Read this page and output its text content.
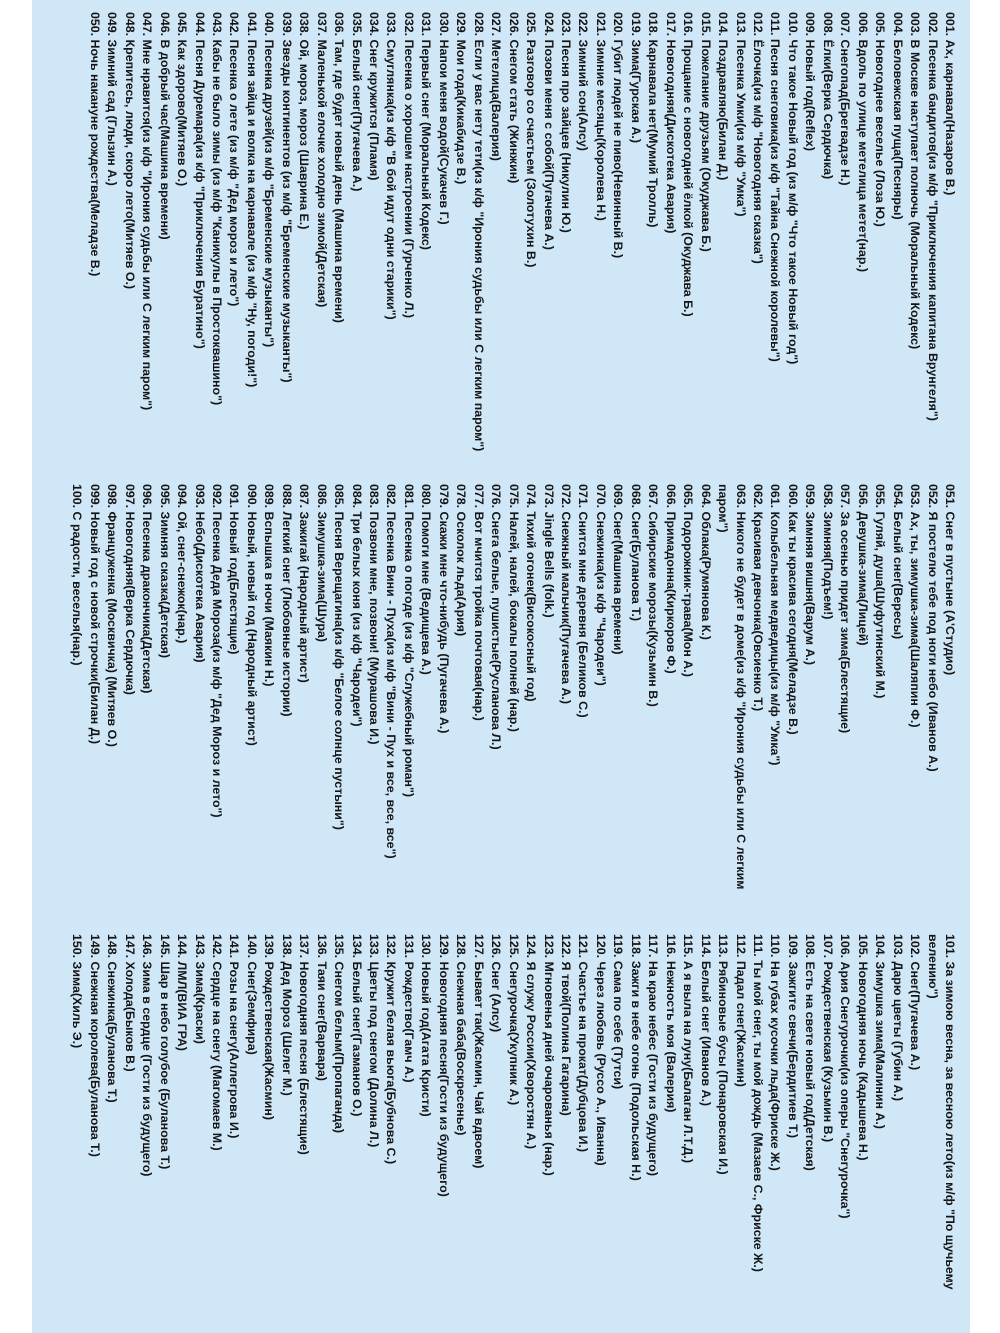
001. Ах, карнавал(Назаров В.)
002. Песенка бандитов(из м/ф "Приключения капитана Врунгеля")
003. В Москве наступает полночь (Моральный Кодекс)
004. Беловежская пуща(Песняры)
005. Новогоднее веселье (Лоза Ю.)
006. Вдоль по улице метелица метет(нар.)
007. Снегопад(Брегвадзе Н.)
008. Ёлки(Верка Сердючка)
009. Новый год(Reflex)
010. Что такое Новый год (из м/ф "Что такое Новый год")
011. Песня снеговика(из к/ф "Тайна Снежной королевы")
012. Ёлочка(из м/ф "Новогодняя сказка")
013. Песенка Умки(из м/ф "Умка")
014. Поздравляю(Билан Д.)
015. Пожелание друзьям (Окуджава Б.)
016. Прощание с новогодней ёлкой (Окуджава Б.)
017. Новогодняя(Дискотека Авария)
018. Карнавала нет(Мумий Тролль)
019. Зима(Гурская А.)
020. Губит людей не пиво(Невинный В.)
021. Зимние месяцы(Королева Н.)
022. Зимний сон(Алсу)
023. Песня про зайцев (Никулин Ю.)
024. Позови меня с собой(Пугачева А.)
025. Разговор со счастьем (Золотухин В.)
026. Снегом стать (Жинжин)
027. Метелица(Валерия)
028. Если у вас нету тети(из к/ф "Ирония судьбы или С легким паром")
029. Мои года(Кикабидзе В.)
030. Напои меня водой(Сукачев Г.)
031. Первый снег (Моральный Кодекс)
032. Песенка о хорошем настроении (Гурченко Л.)
033. Смуглянка(из к/ф "В бой идут одни старики")
034. Снег кружится (Пламя)
035. Белый снег(Пугачева А.)
036. Там, где будет новый день (Машина времени)
037. Маленькой елочке холодно зимой(Детская)
038. Ой, мороз, мороз (Шаврина Е.)
039. Звезды континентов (из м/ф "Бременские музыканты")
040. Песенка друзей(из м/ф "Бременские музыканты")
041. Песня зайца и волка на карнавале (из м/ф "Ну, погоди!")
042. Песенка о лете (из м/ф "Дед мороз и лето")
043. Кабы не было зимы (из м/ф "Каникулы в Простоквашино")
044. Песня Дуремара(из к/ф "Приключения Буратино")
045. Как здорово(Митяев О.)
046. В добрый час(Машина времени)
047. Мне нравится(из к/ф "Ирония судьбы или С легким паром")
048. Крепитесь, люди, скоро лето(Митяев О.)
049. Зимний сад (Глызин А.)
050. Ночь накануне рождества(Меладзе В.)
051. Снег в пустыне (А'Студио)
052. Я постелю тебе под ноги небо (Иванов А.)
053. Ах, ты, зимушка-зима(Шаляпин Ф.)
054. Белый снег(Вересы)
055. Гуляй, душа(Шуфутинский М.)
056. Девушка-зима(Лицей)
057. За осенью придет зима(Блестящие)
058. Зимняя(Подъем!)
059. Зимняя вишня(Варум А.)
060. Как ты красива сегодня(Меладзе В.)
061. Колыбельная медведицы(из м/ф "Умка")
062. Красивая девчонка(Овсиенко Т.)
063. Никого не будет в доме(из к/ф "Ирония судьбы или С легким паром")
064. Облака(Румянова К.)
065. Подорожник-трава(Мон А.)
066. Примадонна(Киркоров Ф.)
067. Сибирские морозы(Кузьмин В.)
068. Снег(Буланова Т.)
069. Снег(Машина времени)
070. Снежинка(из к/ф "Чародеи")
071. Снится мне деревня (Беликов С.)
072. Снежный мальчик(Пугачева А.)
073. Jingle Bells (folk.)
074. Тихий огонек(Високосный год)
075. Налей, налей, бокалы полней (нар.)
076. Снега белые, пушистые(Русланова Л.)
077. Вот мчится тройка почтовая(нар.)
078. Осколок льда(Ария)
079. Скажи мне что-нибудь (Пугачева А.)
080. Помоги мне (Ведищева А.)
081. Песенка о погоде (из к/ф "Служебный роман")
082. Песенка Вини - Пуха(из м/ф "Вини - Пух и все, все, все")
083. Позвони мне, позвони! (Мурашова И.)
084. Три белых коня (из к/ф "Чародеи")
085. Песня Верещагина(из к/ф "Белое солнце пустыни")
086. Зимушка-зима(Шура)
087. Зажигай (Народный артист)
088. Легкий снег (Любовные истории)
089. Вспышка в ночи (Маякин Н.)
090. Новый, новый год (Народный артист)
091. Новый год(Блестящие)
092. Песенка Деда Мороза(из м/ф "Дед Мороз и лето")
093. Небо(Дискотека Авария)
094. Ой, снег-снежок(нар.)
095. Зимняя сказка(Детская)
096. Песенка дракончика(Детская)
097. Новогодняя(Верка Сердючка)
098. Француженка (Москвичка) (Митяев О.)
099. Новый год с новой строчки(Билан Д.)
100. С радости, веселья(нар.)
101. За зимою весна, за весною лето(из м/ф "По щучьему велению")
102. Снег(Пугачева А.)
103. Дарю цветы (Губин А.)
104. Зимушка зима(Малинин А.)
105. Новогодняя ночь (Кадышева Н.)
106. Ария Снегурочки(из оперы "Снегурочка")
107. Рождественская (Кузьмин В.)
108. Есть на свете новый год(Детская)
109. Зажгите свечи(Бердитиев Т.)
110. На губах кусочки льда(Фриске Ж.)
111. Ты мой снег, ты мой дождь (Мазаев С., Фриске Ж.)
112. Падал снег(Жасмин)
113. Рябиновые бусы (Понаровская И.)
114. Белый снег (Иванов А.)
115. А я выла на луну(Балаган Л.Т.Д.)
116. Нежность моя (Валерия)
117. На краю небес (Гости из будущего)
118. Зажги в небе огонь (Подольская Н.)
119. Сама по себе (Тутси)
120. Через любовь (Руссо А., Иванна)
121. Счастье на прокат(Дубцова И.)
122. Я твой(Полина Гагарина)
123. Мгновенья дней очарованья (нар.)
124. Я служу России(Хворостян А.)
125. Снегурочка(Укупник А.)
126. Снег (Алсу)
127. Бывает так(Жасмин, Чай вдвоем)
128. Снежная баба(Воскресенье)
129. Новогодняя песня(Гости из будущего)
130. Новый год(Агата Кристи)
131. Рождество(Гамч А.)
132. Кружит белая вьюга(Бубнова С.)
133. Цветы под снегом (Долина Л.)
134. Белый снег(Газманов О.)
135. Снегом белым(Пропаганда)
136. Таяи снег(Варвара)
137. Новогодняя песня (Блестящие)
138. Дед Мороз (Шелег М.)
139. Рождественская(Жасмин)
140. Снег(Земфира)
141. Розы на снегу(Аллегрова И.)
142. Сердце на снегу (Магомаев М.)
143. Зима(Краски)
144. ЛМЛ(ВИА ГРА)
145. Шар в небо голубое (Буланова Т.)
146. Зима в сердце (Гости из будущего)
147. Холода(Быков В.)
148. Снежинка(Буланова Т.)
149. Снежная королева(Буланова Т.)
150. Зима(Хиль Э.)
